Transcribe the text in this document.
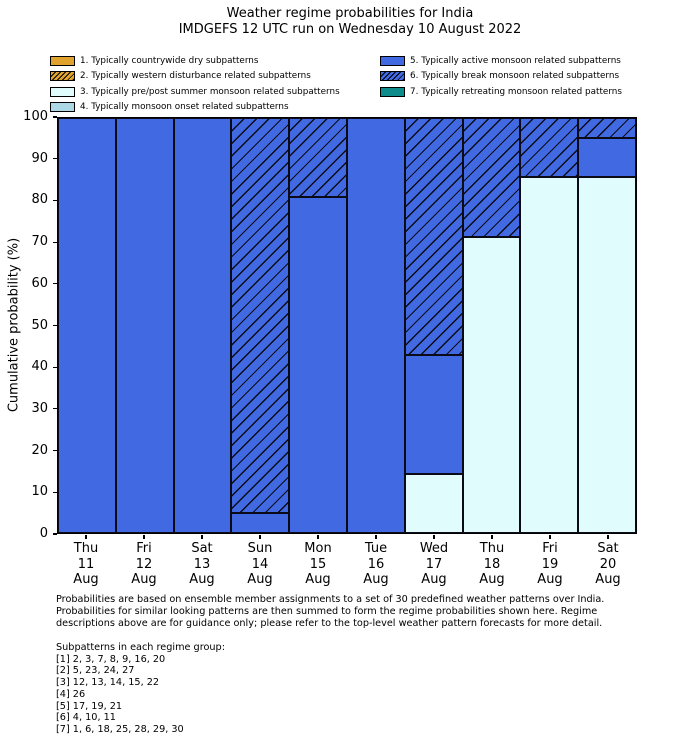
Weather regime probabilities for India
IMDGEFS 12 UTC run on Wednesday 10 August 2022
1. Typically countrywide dry subpatterns
2. Typically western disturbance related subpatterns
3. Typically pre/post summer monsoon related subpatterns
4. Typically monsoon onset related subpatterns
5. Typically active monsoon related subpatterns
6. Typically break monsoon related subpatterns
7. Typically retreating monsoon related patterns
Cumulative probability (%)
0
10
20
30
40
50
60
70
80
90
100
Thu
11
Aug
Fri
12
Aug
Sat
13
Aug
Sun
14
Aug
Mon
15
Aug
Tue
16
Aug
Wed
17
Aug
Thu
18
Aug
Fri
19
Aug
Sat
20
Aug
Probabilities are based on ensemble member assignments to a set of 30 predefined weather patterns over India.
Probabilities for similar looking patterns are then summed to form the regime probabilities shown here. Regime
descriptions above are for guidance only; please refer to the top-level weather pattern forecasts for more detail.
Subpatterns in each regime group:
[1] 2, 3, 7, 8, 9, 16, 20
[2] 5, 23, 24, 27
[3] 12, 13, 14, 15, 22
[4] 26
[5] 17, 19, 21
[6] 4, 10, 11
[7] 1, 6, 18, 25, 28, 29, 30
